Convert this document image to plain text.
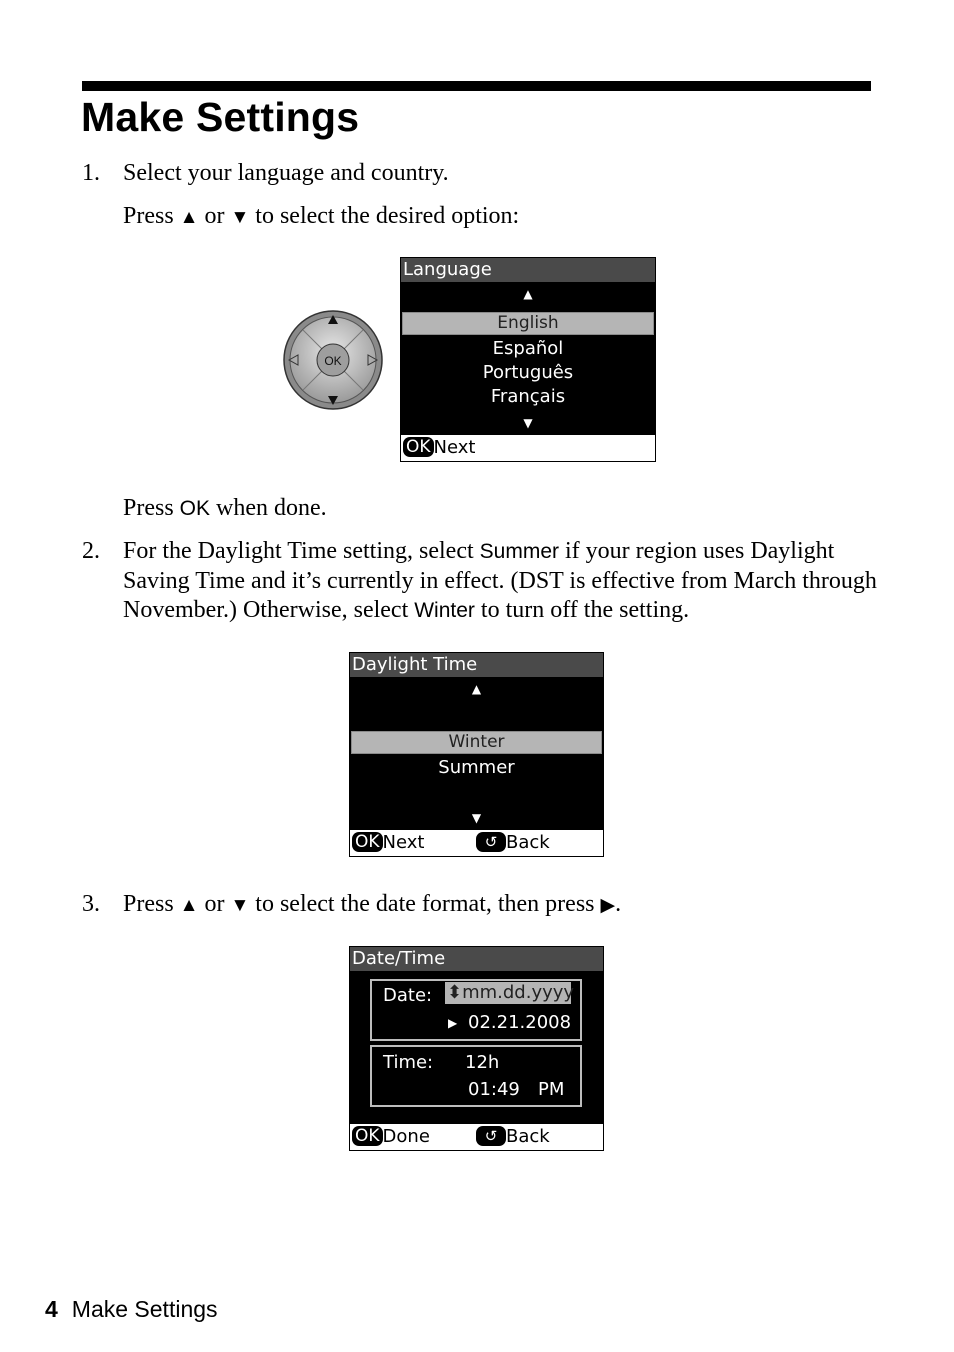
Make Settings
1. Select your language and country.
Press ▲ or ▼ to select the desired option:
OK
Language
▲
English
Español
Português
Français
▼
OK Next
Press OK when done.
2. For the Daylight Time setting, select Summer if your region uses Daylight
Saving Time and it’s currently in effect. (DST is effective from March through
November.) Otherwise, select Winter to turn off the setting.
Daylight Time
▲
Winter
Summer
▼
OK Next	↺ Back
3. Press ▲ or ▼ to select the date format, then press ▶.
Date/Time
Date: ⬍mm.dd.yyyy
▶ 02.21.2008
Time: 12h
01:49 PM
OK Done	↺ Back
4 Make Settings
